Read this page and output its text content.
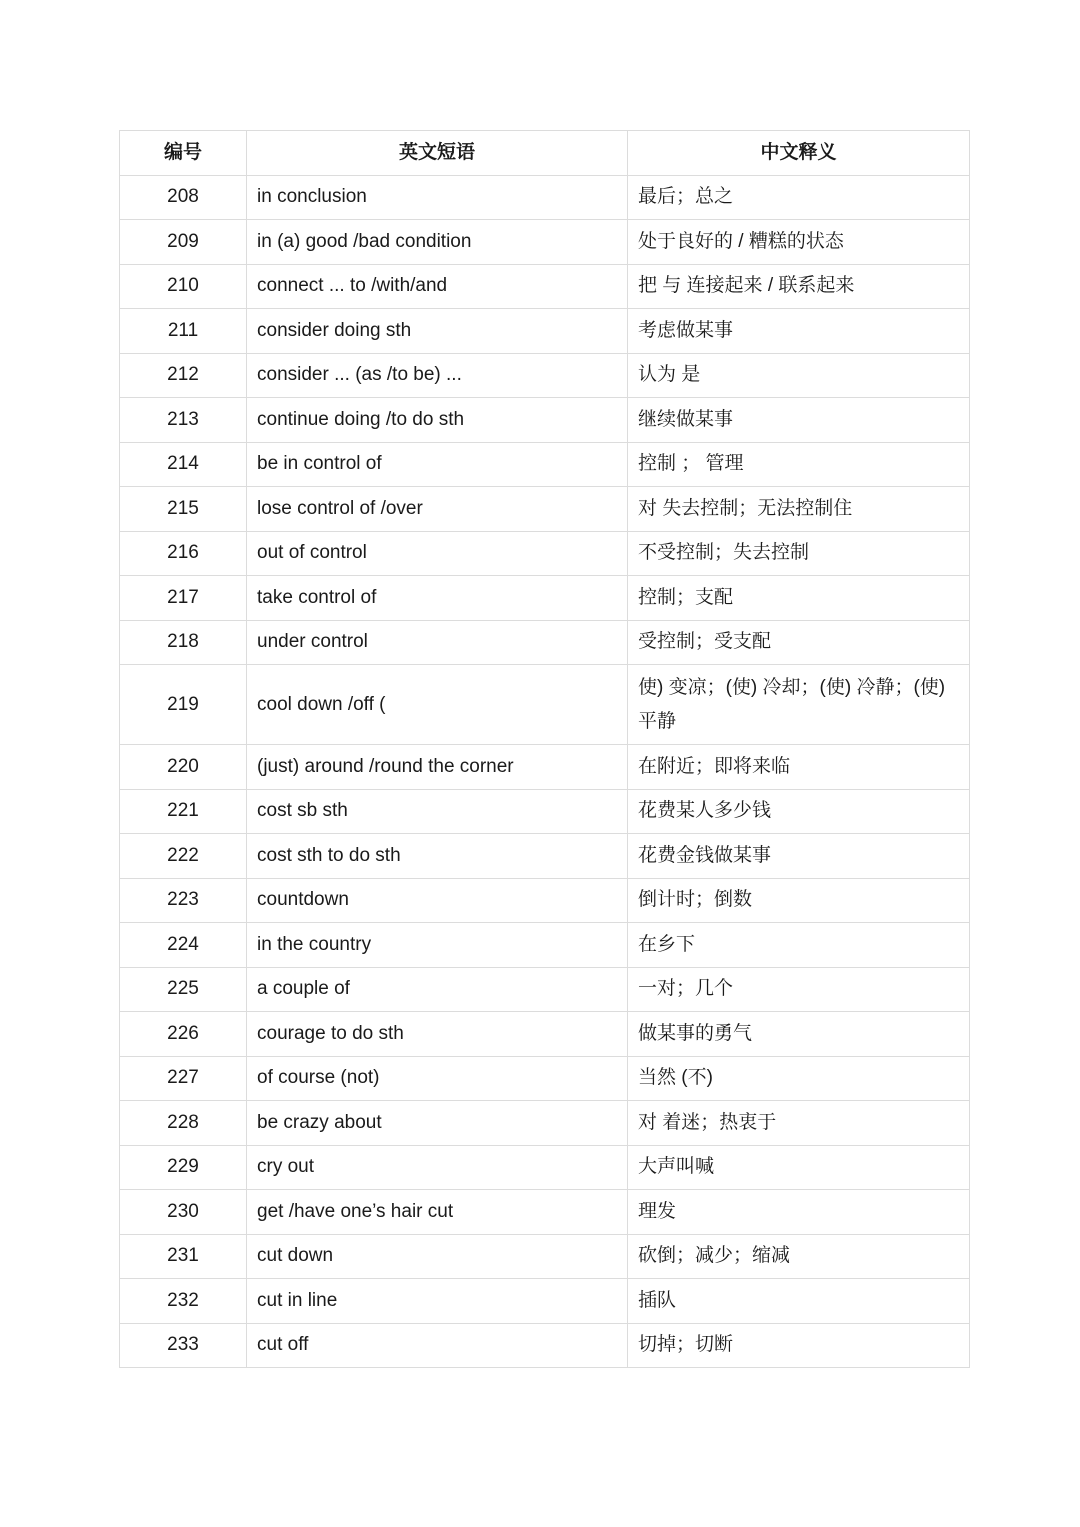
编号	英文短语	中文释义
208	in conclusion	最后；总之
209	in (a) good /bad condition	处于良好的 / 糟糕的状态
210	connect ... to /with/and	把 与 连接起来 / 联系起来
211	consider doing sth	考虑做某事
212	consider ... (as /to be) ...	认为 是
213	continue doing /to do sth	继续做某事
214	be in control of	控制 ； 管理
215	lose control of /over	对 失去控制；无法控制住
216	out of control	不受控制；失去控制
217	take control of	控制；支配
218	under control	受控制；受支配
219	cool down /off (	使) 变凉；(使) 冷却；(使) 冷静；(使) 平静
220	(just) around /round the corner	在附近；即将来临
221	cost sb sth	花费某人多少钱
222	cost sth to do sth	花费金钱做某事
223	countdown	倒计时；倒数
224	in the country	在乡下
225	a couple of	一对；几个
226	courage to do sth	做某事的勇气
227	of course (not)	当然 (不)
228	be crazy about	对 着迷；热衷于
229	cry out	大声叫喊
230	get /have one’s hair cut	理发
231	cut down	砍倒；减少；缩减
232	cut in line	插队
233	cut off	切掉；切断
